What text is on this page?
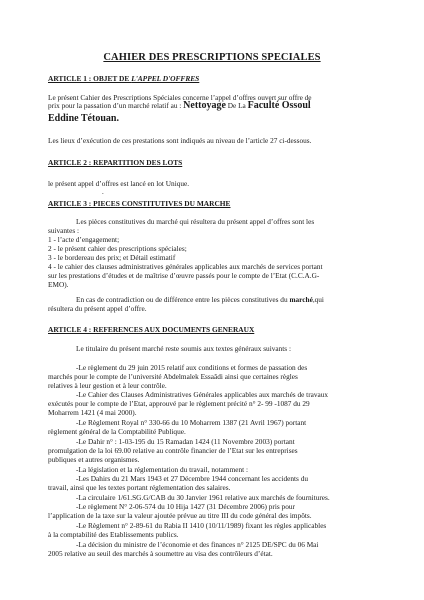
CAHIER DES PRESCRIPTIONS SPECIALES
ARTICLE 1 : OBJET DE L'APPEL D'OFFRES
Le présent Cahier des Prescriptions Spéciales concerne l’appel d’offres ouvert sur offre de
prix pour la passation d’un marché relatif au : Nettoyage De La Faculté Ossoul
Eddine Tétouan.
Les lieux d’exécution de ces prestations sont indiqués au niveau de l’article 27 ci-dessous.
ARTICLE 2 : REPARTITION DES LOTS
le présent appel d’offres est lancé en lot Unique.
.
ARTICLE 3 : PIECES CONSTITUTIVES DU MARCHE
Les pièces constitutives du marché qui résultera du présent appel d’offres sont les
suivantes :
1 - l’acte d’engagement;
2 - le présent cahier des prescriptions spéciales;
3 - le bordereau des prix; et Détail estimatif
4 - le cahier des clauses administratives générales applicables aux marchés de services portant
sur les prestations d’études et de maîtrise d’œuvre passés pour le compte de l’Etat (C.C.A.G-
EMO).
En cas de contradiction ou de différence entre les pièces constitutives du marché,qui
résultera du présent appel d’offre.
ARTICLE 4 : REFERENCES AUX DOCUMENTS GENERAUX
Le titulaire du présent marché reste soumis aux textes généraux suivants :
-Le règlement du 29 juin 2015 relatif aux conditions et formes de passation des
marchés pour le compte de l’université Abdelmalek Essaâdi ainsi que certaines règles
relatives à leur gestion et à leur contrôle.
-Le Cahier des Clauses Administratives Générales applicables aux marchés de travaux
exécutés pour le compte de l’Etat, approuvé par le règlement précité n° 2- 99 -1087 du 29
Moharrem 1421 (4 mai 2000).
-Le Règlement Royal n° 330-66 du 10 Moharrem 1387 (21 Avril 1967) portant
règlement général de la Comptabilité Publique.
-Le Dahir n° : 1-03-195 du 15 Ramadan 1424 (11 Novembre 2003) portant
promulgation de la loi 69.00 relative au contrôle financier de l’Etat sur les entreprises
publiques et autres organismes.
-La législation et la réglementation du travail, notamment :
-Les Dahirs du 21 Mars 1943 et 27 Décembre 1944 concernant les accidents du
travail, ainsi que les textes portant réglementation des salaires.
-La circulaire 1/61.SG.G/CAB du 30 Janvier 1961 relative aux marchés de fournitures.
-Le règlement N° 2-06-574 du 10 Hija 1427 (31 Décembre 2006) pris pour
l’application de la taxe sur la valeur ajoutée prévue au titre III du code général des impôts.
-Le Règlement n° 2-89-61 du Rabia II 1410 (10/11/1989) fixant les règles applicables
à la comptabilité des Etablissements publics.
-La décision du ministre de l’économie et des finances n° 2125 DE/SPC du 06 Mai
2005 relative au seuil des marchés à soumettre au visa des contrôleurs d’état.
